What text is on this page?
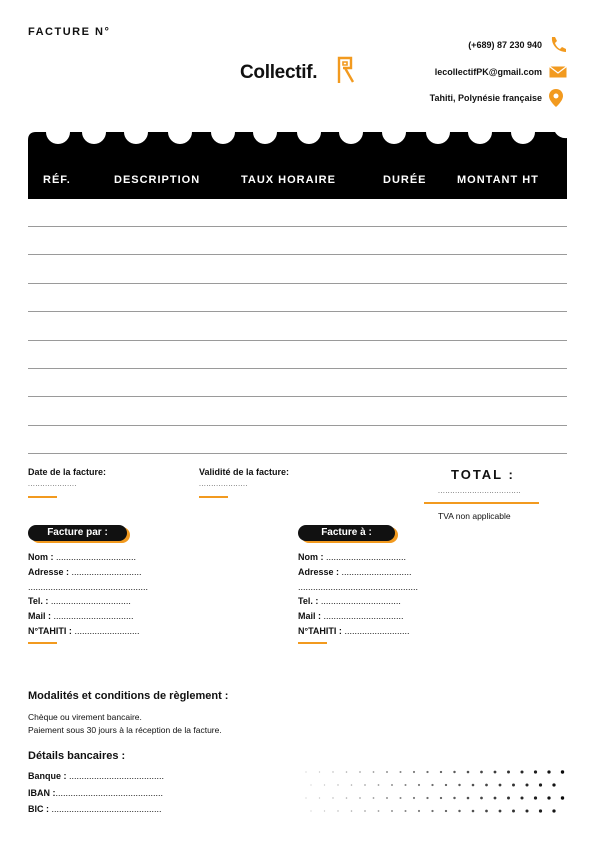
FACTURE N°
Collectif.
(+689) 87 230 940
lecollectifPK@gmail.com
Tahiti, Polynésie française
RÉF.	DESCRIPTION	TAUX HORAIRE	DURÉE	MONTANT HT
Date de la facture:
....................
Validité de la facture:
....................
TOTAL :
..................................
TVA non applicable
Facture par :
Nom : ................................
Adresse : ............................
................................................
Tel. : ................................
Mail : ................................
N°TAHITI : ..........................
Facture à :
Nom : ................................
Adresse : ............................
................................................
Tel. : ................................
Mail : ................................
N°TAHITI : ..........................
Modalités et conditions de règlement :
Chèque ou virement bancaire.
Paiement sous 30 jours à la réception de la facture.
Détails bancaires :
Banque : ......................................
IBAN :...........................................
BIC : ............................................
